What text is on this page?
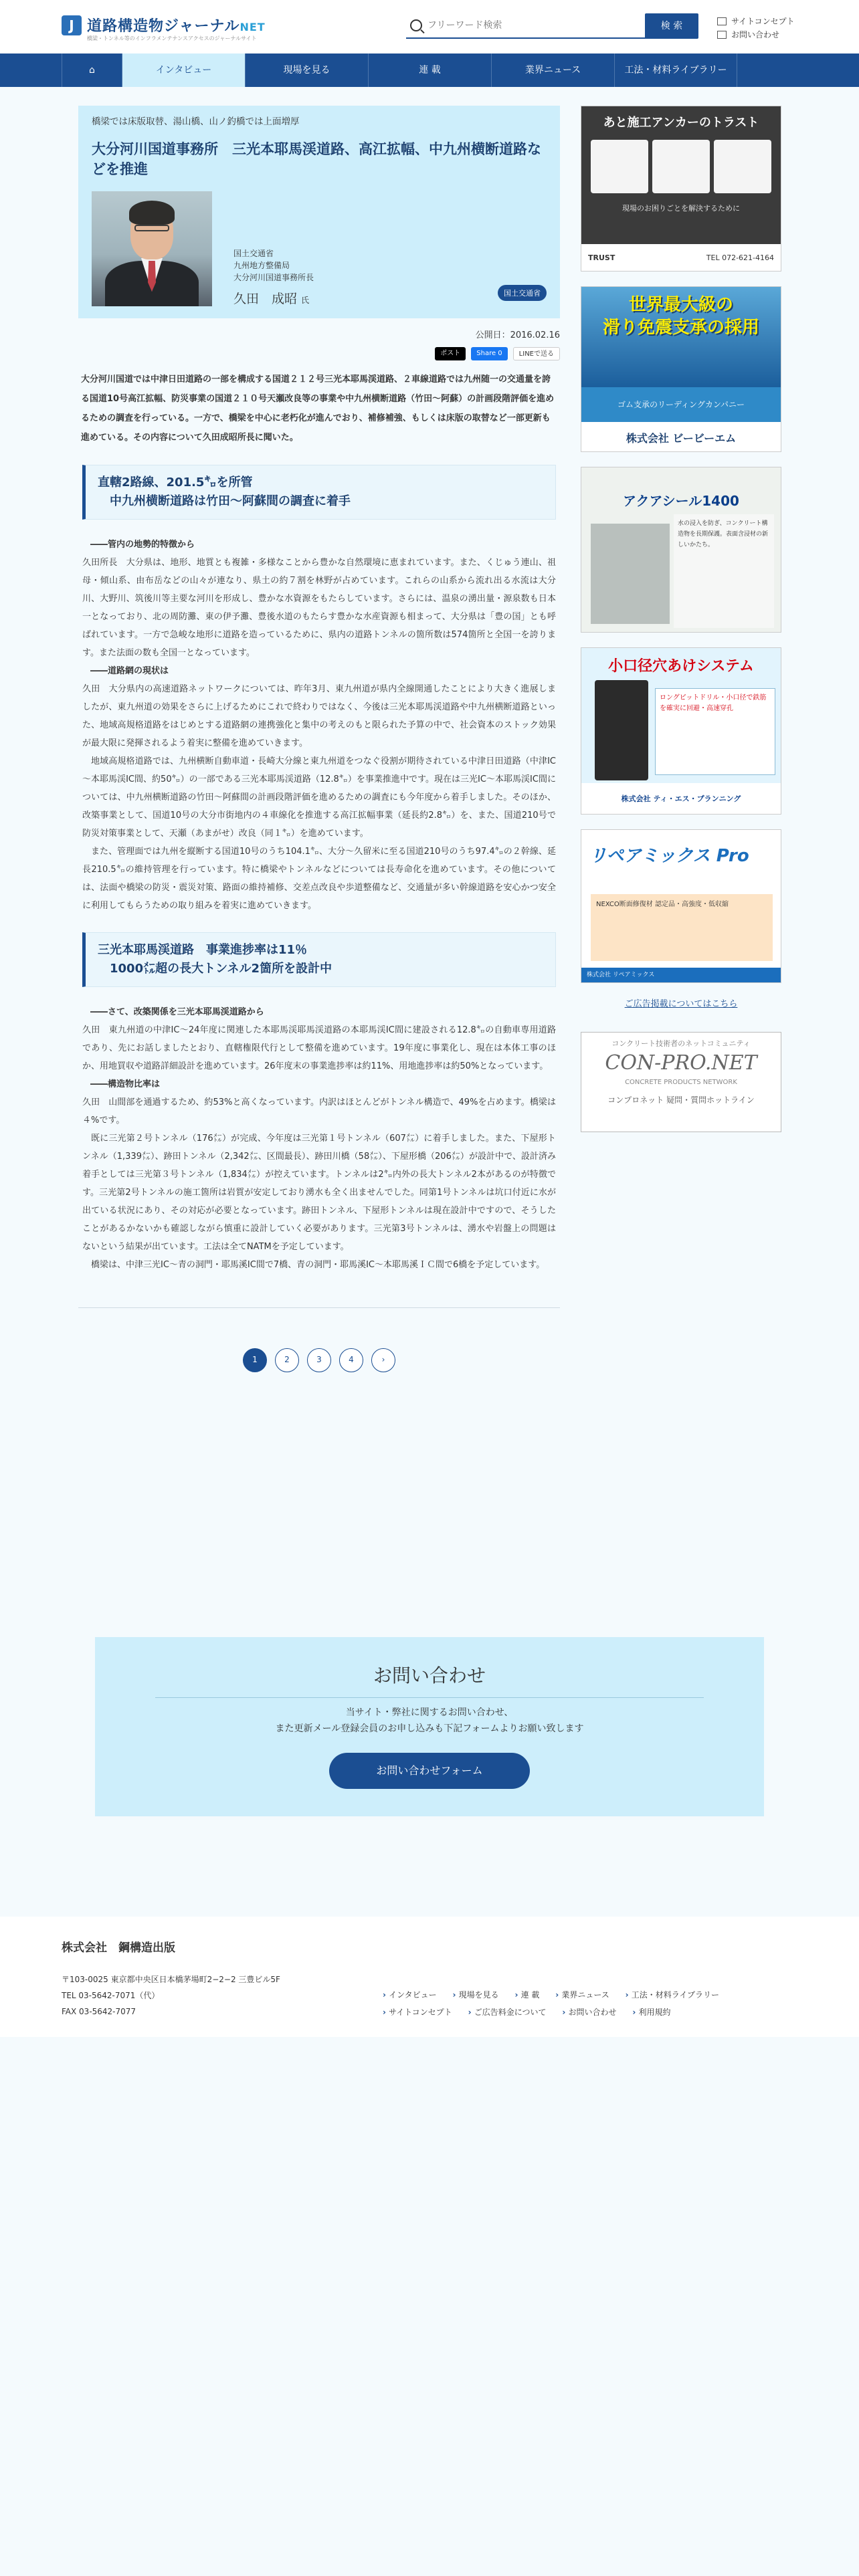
J 道路構造物ジャーナルNET
橋梁・トンネル等のインフラメンテナンスアクセスのジャーナルサイト
フリーワード検索
検 索	サイトコンセプト
お問い合わせ
⌂	インタビュー	現場を見る	連 載	業界ニュース	工法・材料ライブラリー
橋梁では床版取替、湯山橋、山ノ釣橋では上面増厚
大分河川国道事務所　三光本耶馬渓道路、高江拡幅、中九州横断道路などを推進
国土交通省
九州地方整備局
大分河川国道事務所長
久田　成昭 氏
国土交通省
公開日：2016.02.16
ポスト	Share 0	LINEで送る

大分河川国道では中津日田道路の一部を構成する国道２１２号三光本耶馬渓道路、２車線道路では九州随一の交通量を誇る国道10号高江拡幅、防災事業の国道２１０号天瀬改良等の事業や中九州横断道路（竹田～阿蘇）の計画段階評価を進めるための調査を行っている。一方で、橋梁を中心に老朽化が進んでおり、補修補強、もしくは床版の取替など一部更新も進めている。その内容について久田成昭所長に聞いた。

直轄2路線、201.5㌔を所管
　中九州横断道路は竹田～阿蘇間の調査に着手
――管内の地勢的特徴から

久田所長　大分県は、地形、地質とも複雑・多様なことから豊かな自然環境に恵まれています。また、くじゅう連山、祖母・傾山系、由布岳などの山々が連なり、県土の約７割を林野が占めています。これらの山系から流れ出る水流は大分川、大野川、筑後川等主要な河川を形成し、豊かな水資源をもたらしています。さらには、温泉の湧出量・源泉数も日本一となっており、北の周防灘、東の伊予灘、豊後水道のもたらす豊かな水産資源も相まって、大分県は「豊の国」とも呼ばれています。一方で急峻な地形に道路を造っているために、県内の道路トンネルの箇所数は574箇所と全国一を誇ります。また法面の数も全国一となっています。

――道路網の現状は

久田　大分県内の高速道路ネットワークについては、昨年3月、東九州道が県内全線開通したことにより大きく進展しましたが、東九州道の効果をさらに上げるためにこれで終わりではなく、今後は三光本耶馬渓道路や中九州横断道路といった、地域高規格道路をはじめとする道路網の連携強化と集中の考えのもと限られた予算の中で、社会資本のストック効果が最大限に発揮されるよう着実に整備を進めていきます。

地域高規格道路では、九州横断自動車道・長崎大分線と東九州道をつなぐ役割が期待されている中津日田道路（中津IC～本耶馬渓IC間、約50㌔）の一部である三光本耶馬渓道路（12.8㌔）を事業推進中です。現在は三光IC～本耶馬渓IC間については、中九州横断道路の竹田～阿蘇間の計画段階評価を進めるための調査にも今年度から着手しました。そのほか、改築事業として、国道10号の大分市街地内の４車線化を推進する高江拡幅事業（延長約2.8㌔）を、また、国道210号で防災対策事業として、天瀬（あまがせ）改良（同１㌔）を進めています。

また、管理面では九州を縦断する国道10号のうち104.1㌔、大分～久留米に至る国道210号のうち97.4㌔の２幹線、延長210.5㌔の維持管理を行っています。特に橋梁やトンネルなどについては長寿命化を進めています。その他については、法面や橋梁の防災・震災対策、路面の維持補修、交差点改良や歩道整備など、交通量が多い幹線道路を安心かつ安全に利用してもらうための取り組みを着実に進めていきます。

三光本耶馬渓道路　事業進捗率は11％
　1000㍍超の長大トンネル2箇所を設計中
――さて、改築関係を三光本耶馬渓道路から

久田　東九州道の中津IC～24年度に関連した本耶馬渓耶馬渓道路の本耶馬渓IC間に建設される12.8㌔の自動車専用道路であり、先にお話しましたとおり、直轄権限代行として整備を進めています。19年度に事業化し、現在は本体工事のほか、用地買収や道路詳細設計を進めています。26年度末の事業進捗率は約11%、用地進捗率は約50%となっています。

――構造物比率は

久田　山間部を通過するため、約53%と高くなっています。内訳はほとんどがトンネル構造で、49%を占めます。橋梁は４%です。

既に三光第２号トンネル（176㍍）が完成、今年度は三光第１号トンネル（607㍍）に着手しました。また、下屋形トンネル（1,339㍍）、跡田トンネル（2,342㍍、区間最長）、跡田川橋（58㍍）、下屋形橋（206㍍）が設計中で、設計済み着手としては三光第３号トンネル（1,834㍍）が控えています。トンネルは2㌔内外の長大トンネル2本があるのが特徴です。三光第2号トンネルの施工箇所は岩質が安定しており湧水も全く出ませんでした。同第1号トンネルは坑口付近に水が出ている状況にあり、その対応が必要となっています。跡田トンネル、下屋形トンネルは現在設計中ですので、そうしたことがあるかないかも確認しながら慎重に設計していく必要があります。三光第3号トンネルは、湧水や岩盤上の問題はないという結果が出ています。工法は全てNATMを予定しています。

橋梁は、中津三光IC～青の洞門・耶馬溪IC間で7橋、青の洞門・耶馬溪IC～本耶馬溪ＩＣ間で6橋を予定しています。

1	2	3	4	›
あと施工アンカーのトラスト
現場のお困りごとを解決するために
TRUST	TEL 072-621-4164
世界最大級の
滑り免震支承の採用
ゴム支承のリーディングカンパニー
株式会社 ビービーエム
アクアシール1400
水の浸入を防ぎ、コンクリート構造物を長期保護。表面含浸材の新しいかたち。
小口径穴あけシステム
ロングピットドリル・小口径で鉄筋を確実に回避・高速穿孔
株式会社 ティ・エス・プランニング
リペアミックス Pro
NEXCO断面修復材 認定品・高強度・低収縮
株式会社 リペアミックス
ご広告掲載についてはこちら
コンクリート技術者のネットコミュニティ
CON-PRO.NET
CONCRETE PRODUCTS NETWORK
コンプロネット 疑問・質問ホットライン
お問い合わせ

当サイト・弊社に関するお問い合わせ、

また更新メール登録会員のお申し込みも下記フォームよりお願い致します

お問い合わせフォーム
株式会社　鋼構造出版
〒103-0025 東京都中央区日本橋茅場町2−2−2 三豊ビル5F
TEL 03-5642-7071（代）
FAX 03-5642-7077
› インタビュー	› 現場を見る	› 連 載	› 業界ニュース	› 工法・材料ライブラリー
› サイトコンセプト	› ご広告料金について	› お問い合わせ	› 利用規約
